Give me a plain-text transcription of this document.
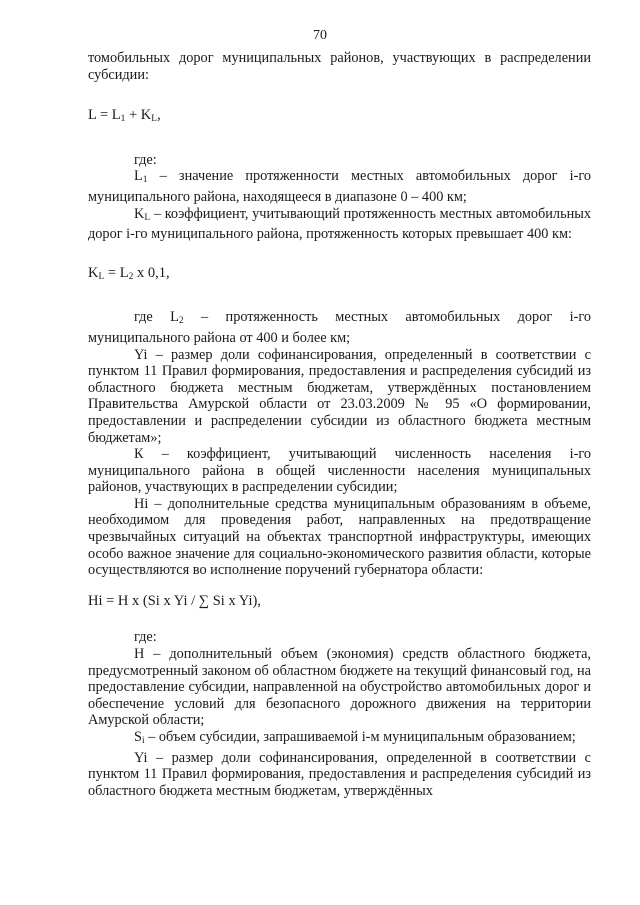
70

томобильных дорог муниципальных районов, участвующих в распределении субсидии:

$L = L_1 + K_L$,

где:

$L_1$ – значение протяженности местных автомобильных дорог i-го муниципального района, находящееся в диапазоне 0 – 400 км;

$K_L$ – коэффициент, учитывающий протяженность местных автомобильных дорог i-го муниципального района, протяженность которых превышает 400 км:

$K_L = L_2$ х 0,1,

где $L_2$ – протяженность местных автомобильных дорог i-го муниципального района от 400 и более км;

Yi – размер доли софинансирования, определенный в соответствии с пунктом 11 Правил формирования, предоставления и распределения субсидий из областного бюджета местным бюджетам, утверждённых постановлением Правительства Амурской области от 23.03.2009 № 95 «О формировании, предоставлении и распределении субсидии из областного бюджета местным бюджетам»;

К – коэффициент, учитывающий численность населения i-го муниципального района в общей численности населения муниципальных районов, участвующих в распределении субсидии;

Hi – дополнительные средства муниципальным образованиям в объеме, необходимом для проведения работ, направленных на предотвращение чрезвычайных ситуаций на объектах транспортной инфраструктуры, имеющих особо важное значение для социально-экономического развития области, которые осуществляются во исполнение поручений губернатора области:

Hi = H x (Si x Yi / ∑ Si x Yi),

где:

H – дополнительный объем (экономия) средств областного бюджета, предусмотренный законом об областном бюджете на текущий финансовый год, на предоставление субсидии, направленной на обустройство автомобильных дорог и обеспечение условий для безопасного дорожного движения на территории Амурской области;

$S_i$ – объем субсидии, запрашиваемой i-м муниципальным образованием;

Yi – размер доли софинансирования, определенной в соответствии с пунктом 11 Правил формирования, предоставления и распределения субсидий из областного бюджета местным бюджетам, утверждённых
